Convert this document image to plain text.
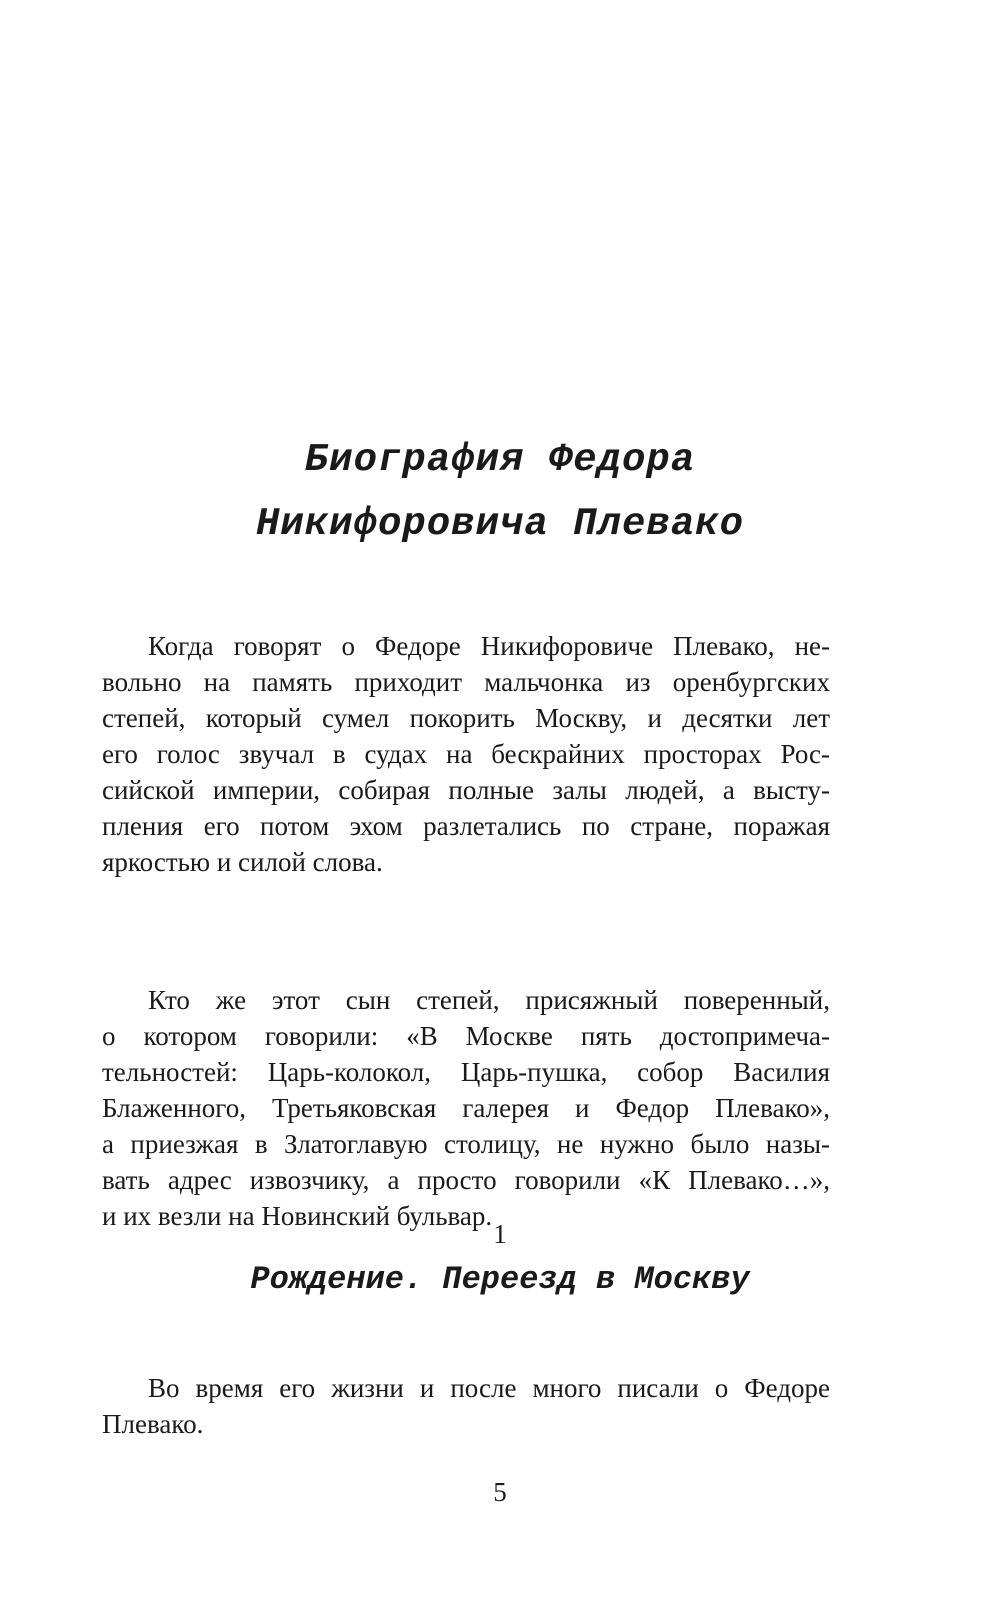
Биография Федора
Никифоровича Плевако
Когда говорят о Федоре Никифоровиче Плевако, не-
вольно на память приходит мальчонка из оренбургских
степей, который сумел покорить Москву, и десятки лет
его голос звучал в судах на бескрайних просторах Рос-
сийской империи, собирая полные залы людей, а высту-
пления его потом эхом разлетались по стране, поражая
яркостью и силой слова.
Кто же этот сын степей, присяжный поверенный,
о котором говорили: «В Москве пять достопримеча-
тельностей: Царь-колокол, Царь-пушка, собор Василия
Блаженного, Третьяковская галерея и Федор Плевако»,
а приезжая в Златоглавую столицу, не нужно было назы-
вать адрес извозчику, а просто говорили «К Плевако…»,
и их везли на Новинский бульвар.
1
Рождение. Переезд в Москву
Во время его жизни и после много писали о Федоре
Плевако.
5
